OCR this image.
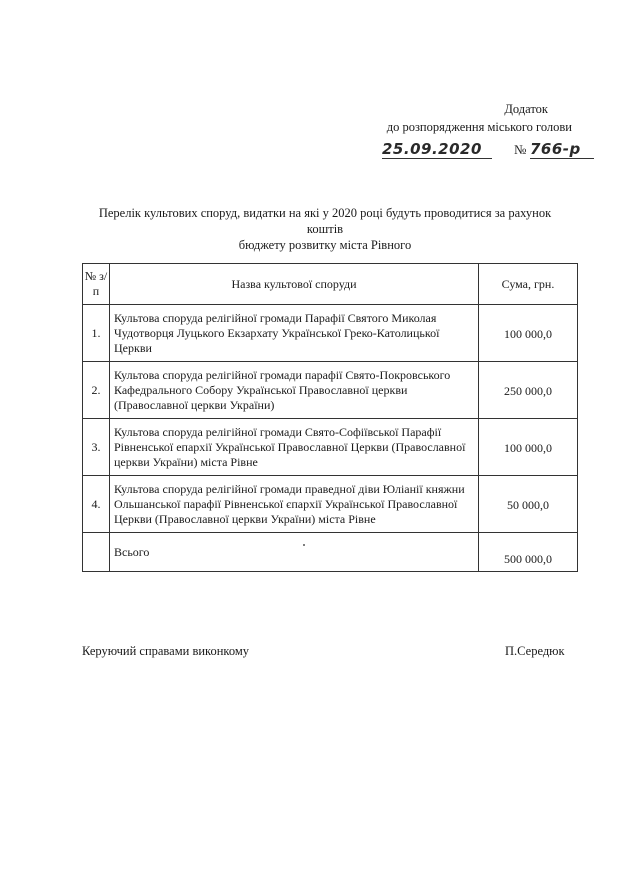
Додаток
до розпорядження міського голови
25.09.2020	№ 766-р
Перелік культових споруд, видатки на які у 2020 році будуть проводитися за рахунок коштів
бюджету розвитку міста Рівного
№ з/п	Назва культової споруди	Сума, грн.
1.	Культова споруда релігійної громади Парафії Святого Миколая Чудотворця Луцького Екзархату Української Греко-Католицької Церкви	100 000,0
2.	Культова споруда релігійної громади парафії Свято-Покровського Кафедрального Собору Української Православної церкви (Православної церкви України)	250 000,0
3.	Культова споруда релігійної громади Свято-Софіївської Парафії Рівненської епархії Української Православної Церкви (Православної церкви України) міста Рівне	100 000,0
4.	Культова споруда релігійної громади праведної діви Юліанії княжни Ольшанської парафії Рівненської єпархії Української Православної Церкви (Православної церкви України) міста Рівне	50 000,0
	Всього	500 000,0
Керуючий справами виконкому	П.Середюк
